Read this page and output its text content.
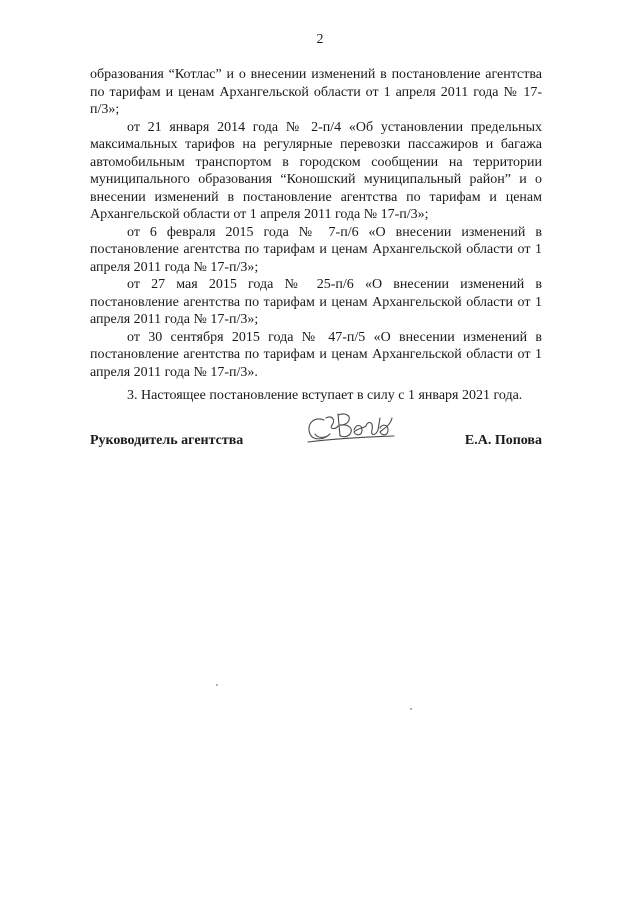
2

образования “Котлас” и о внесении изменений в постановление агентства по тарифам и ценам Архангельской области от 1 апреля 2011 года № 17-п/3»;

от 21 января 2014 года № 2-п/4 «Об установлении предельных максимальных тарифов на регулярные перевозки пассажиров и багажа автомобильным транспортом в городском сообщении на территории муниципального образования “Коношский муниципальный район” и о внесении изменений в постановление агентства по тарифам и ценам Архангельской области от 1 апреля 2011 года № 17-п/3»;

от 6 февраля 2015 года № 7-п/6 «О внесении изменений в постановление агентства по тарифам и ценам Архангельской области от 1 апреля 2011 года № 17-п/3»;

от 27 мая 2015 года № 25-п/6 «О внесении изменений в постановление агентства по тарифам и ценам Архангельской области от 1 апреля 2011 года № 17-п/3»;

от 30 сентября 2015 года № 47-п/5 «О внесении изменений в постановление агентства по тарифам и ценам Архангельской области от 1 апреля 2011 года № 17-п/3».

3. Настоящее постановление вступает в силу с 1 января 2021 года.

Руководитель агентства	Е.А. Попова
